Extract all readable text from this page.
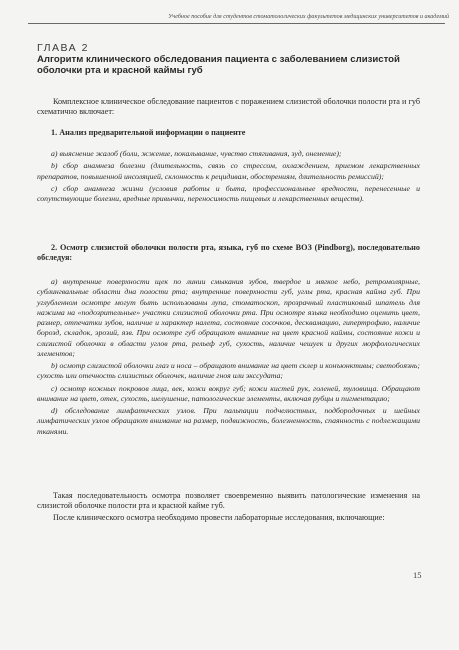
Учебное пособие для студентов стоматологических факультетов медицинских университетов и академий
ГЛАВА 2
Алгоритм клинического обследования пациента с заболеванием слизистой оболочки рта и красной каймы губ
Комплексное клиническое обследование пациентов с поражением слизистой оболочки полости рта и губ схематично включает:
1. Анализ предварительной информации о пациенте

а) выяснение жалоб (боли, жжение, покалывание, чувство стягивания, зуд, онемение);

b) сбор анамнеза болезни (длительность, связь со стрессом, охлаждением, приемом лекарственных препаратов, повышенной инсоляцией, склонность к рецидивам, обострениям, длительность ремиссий);

c) сбор анамнеза жизни (условия работы и быта, профессиональные вредности, перенесенные и сопутствующие болезни, вредные привычки, переносимость пищевых и лекарственных веществ).

2. Осмотр слизистой оболочки полости рта, языка, губ по схеме ВОЗ (Pindborg), последовательно обследуя:

a) внутренние поверхности щек по линии смыкания зубов, твердое и мягкое небо, ретромолярные, сублингвальные области дна полости рта; внутренние поверхности губ, углы рта, красная кайма губ. При углубленном осмотре могут быть использованы лупа, стоматоскоп, прозрачный пластиковый шпатель для нажима на «подозрительные» участки слизистой оболочки рта. При осмотре языка необходимо оценить цвет, размер, отпечатки зубов, наличие и характер налета, состояние сосочков, десквамацию, гипертрофию, наличие борозд, складок, эрозий, язв. При осмотре губ обращают внимание на цвет красной каймы, состояние кожи и слизистой оболочки в области углов рта, рельеф губ, сухость, наличие чешуек и других морфологических элементов;

b) осмотр слизистой оболочки глаз и носа – обращают внимание на цвет склер и конъюнктивы; светобоязнь; сухость или отечность слизистых оболочек, наличие гноя или экссудата;

c) осмотр кожных покровов лица, век, кожи вокруг губ; кожи кистей рук, голеней, туловища. Обращают внимание на цвет, отек, сухость, шелушение, патологические элементы, включая рубцы и пигментацию;

d) обследование лимфатических узлов. При пальпации подчелюстных, подбородочных и шейных лимфатических узлов обращают внимание на размер, подвижность, болезненность, спаянность с подлежащими тканями.

Такая последовательность осмотра позволяет своевременно выявить патологические изменения на слизистой оболочке полости рта и красной кайме губ.

После клинического осмотра необходимо провести лабораторные исследования, включающие:

15
